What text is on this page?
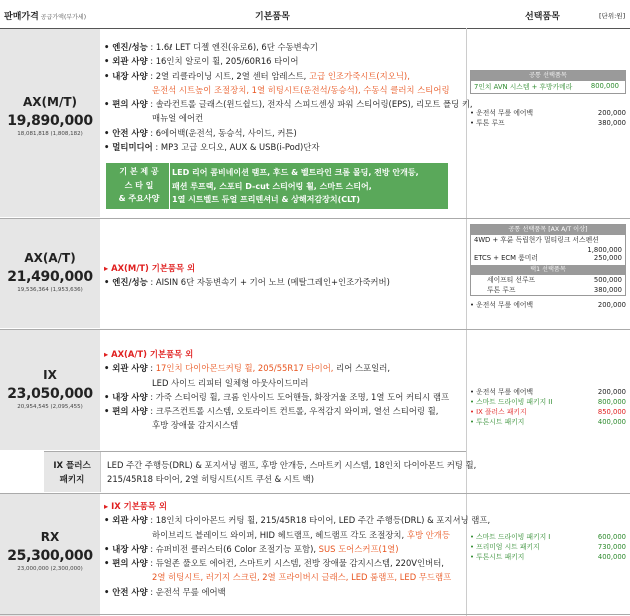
판매가격 공급가액(부가세)	기본품목	선택품목	[단위:원]
AX(M/T)
19,890,000
18,081,818 (1,808,182)
• 엔진/성능 : 1.6ℓ LET 디젤 엔진(유로6), 6단 수동변속기
• 외관 사양 : 16인치 알로이 휠, 205/60R16 타이어
• 내장 사양 : 2열 리클라이닝 시트, 2열 센터 암레스트, 고급 인조가죽시트(지오닉),
운전석 시트높이 조절장치, 1열 히팅시트(운전석/동승석), 수동식 클러치 스티어링
• 편의 사양 : 솔라컨트롤 글래스(윈드쉴드), 전자식 스피드센싱 파워 스티어링(EPS), 리모트 폴딩 키,
매뉴얼 에어컨
• 안전 사양 : 6에어백(운전석, 동승석, 사이드, 커튼)
• 멀티미디어 : MP3 고급 오디오, AUX & USB(i-Pod)단자
기 본 제 공
스 타 일
& 주요사양
LED 리어 콤비네이션 램프, 후드 & 벨트라인 크롬 몰딩, 전방 안개등,
패션 루프랙, 스포티 D-cut 스티어링 휠, 스마트 스티어,
1열 시트벨트 듀얼 프리텐셔너 & 상해저감장치(CLT)
공통 선택품목
7인치 AVN 시스템 + 후방카메라	800,000
• 운전석 무릎 에어백	200,000
• 투톤 루프	380,000
AX(A/T)
21,490,000
19,536,364 (1,953,636)
▸ AX(M/T) 기본품목 외
• 엔진/성능 : AISIN 6단 자동변속기 + 기어 노브 (메탈그레인+인조가죽커버)
공통 선택품목 [AX A/T 이상]
4WD + 후륜 독립현가 멀티링크 서스펜션
1,800,000
ETCS + ECM 룸미러	250,000
택1 선택품목
세이프티 선루프	500,000
투톤 루프	380,000
• 운전석 무릎 에어백	200,000
IX
23,050,000
20,954,545 (2,095,455)
▸ AX(A/T) 기본품목 외
• 외관 사양 : 17인치 다이아몬드커팅 휠, 205/55R17 타이어, 리어 스포일러,
LED 사이드 리피터 일체형 아웃사이드미러
• 내장 사양 : 가죽 스티어링 휠, 크롬 인사이드 도어핸들, 화장거울 조명, 1열 도어 커티시 램프
• 편의 사양 : 크루즈컨트롤 시스템, 오토라이트 컨트롤, 우적감지 와이퍼, 열선 스티어링 휠,
후방 장애물 감지시스템
• 운전석 무릎 에어백	200,000
• 스마트 드라이빙 패키지 II	800,000
• IX 플러스 패키지	850,000
• 투톤시트 패키지	400,000
IX 플러스
패키지
LED 주간 주행등(DRL) & 포지셔닝 램프, 후방 안개등, 스마트키 시스템, 18인치 다이아몬드 커팅 휠,
215/45R18 타이어, 2열 히팅시트(시트 쿠션 & 시트 백)
RX
25,300,000
23,000,000 (2,300,000)
▸ IX 기본품목 외
• 외관 사양 : 18인치 다이아몬드 커팅 휠, 215/45R18 타이어, LED 주간 주행등(DRL) & 포지셔닝 램프,
하이브리드 블레이드 와이퍼, HID 헤드램프, 헤드램프 각도 조절장치, 후방 안개등
• 내장 사양 : 슈퍼비전 클러스터(6 Color 조절기능 포함), SUS 도어스커프(1열)
• 편의 사양 : 듀얼존 풀오토 에어컨, 스마트키 시스템, 전방 장애물 감지시스템, 220V인버터,
2열 히팅시트, 러기지 스크린, 2열 프라이버시 글래스, LED 룸램프, LED 무드램프
• 안전 사양 : 운전석 무릎 에어백
• 스마트 드라이빙 패키지 I	600,000
• 프리미엄 시트 패키지	730,000
• 투톤시트 패키지	400,000
